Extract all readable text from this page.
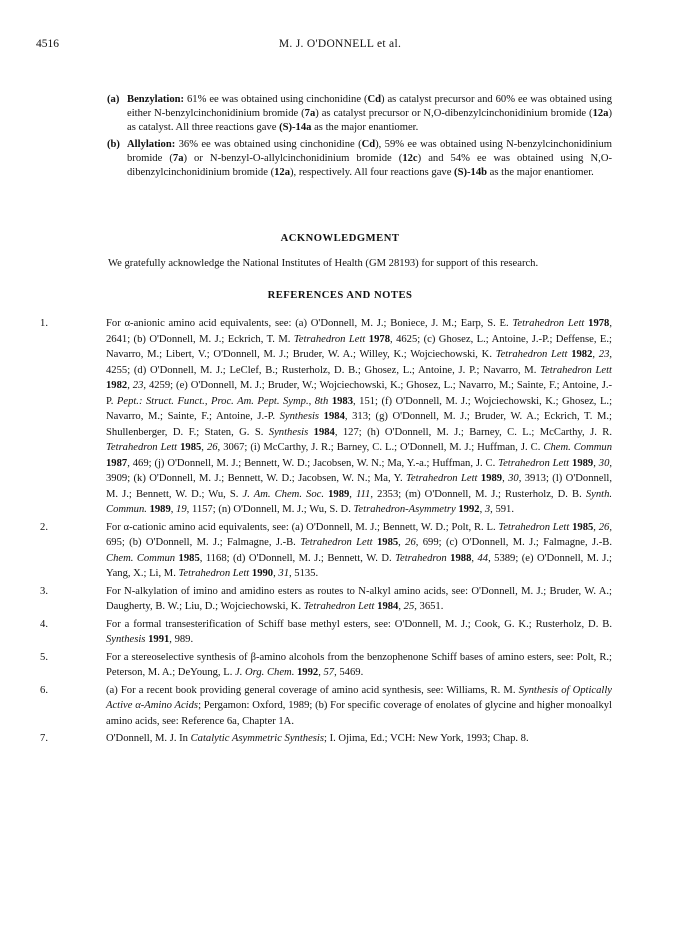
4516	M. J. O'DONNELL et al.
(a) Benzylation: 61% ee was obtained using cinchonidine (Cd) as catalyst precursor and 60% ee was obtained using either N-benzylcinchonidinium bromide (7a) as catalyst precursor or N,O-dibenzylcinchonidinium bromide (12a) as catalyst. All three reactions gave (S)-14a as the major enantiomer.
(b) Allylation: 36% ee was obtained using cinchonidine (Cd), 59% ee was obtained using N-benzylcinchonidinium bromide (7a) or N-benzyl-O-allylcinchonidinium bromide (12c) and 54% ee was obtained using N,O-dibenzylcinchonidinium bromide (12a), respectively. All four reactions gave (S)-14b as the major enantiomer.
ACKNOWLEDGMENT
We gratefully acknowledge the National Institutes of Health (GM 28193) for support of this research.
REFERENCES AND NOTES
1.	For α-anionic amino acid equivalents, see: (a) O'Donnell, M. J.; Boniece, J. M.; Earp, S. E. Tetrahedron Lett 1978, 2641; (b) O'Donnell, M. J.; Eckrich, T. M. Tetrahedron Lett 1978, 4625; (c) Ghosez, L.; Antoine, J.-P.; Deffense, E.; Navarro, M.; Libert, V.; O'Donnell, M. J.; Bruder, W. A.; Willey, K.; Wojciechowski, K. Tetrahedron Lett 1982, 23, 4255; (d) O'Donnell, M. J.; LeClef, B.; Rusterholz, D. B.; Ghosez, L.; Antoine, J. P.; Navarro, M. Tetrahedron Lett 1982, 23, 4259; (e) O'Donnell, M. J.; Bruder, W.; Wojciechowski, K.; Ghosez, L.; Navarro, M.; Sainte, F.; Antoine, J.-P. Pept.: Struct. Funct., Proc. Am. Pept. Symp., 8th 1983, 151; (f) O'Donnell, M. J.; Wojciechowski, K.; Ghosez, L.; Navarro, M.; Sainte, F.; Antoine, J.-P. Synthesis 1984, 313; (g) O'Donnell, M. J.; Bruder, W. A.; Eckrich, T. M.; Shullenberger, D. F.; Staten, G. S. Synthesis 1984, 127; (h) O'Donnell, M. J.; Barney, C. L.; McCarthy, J. R. Tetrahedron Lett 1985, 26, 3067; (i) McCarthy, J. R.; Barney, C. L.; O'Donnell, M. J.; Huffman, J. C. Chem. Commun 1987, 469; (j) O'Donnell, M. J.; Bennett, W. D.; Jacobsen, W. N.; Ma, Y.-a.; Huffman, J. C. Tetrahedron Lett 1989, 30, 3909; (k) O'Donnell, M. J.; Bennett, W. D.; Jacobsen, W. N.; Ma, Y. Tetrahedron Lett 1989, 30, 3913; (l) O'Donnell, M. J.; Bennett, W. D.; Wu, S. J. Am. Chem. Soc. 1989, 111, 2353; (m) O'Donnell, M. J.; Rusterholz, D. B. Synth. Commun. 1989, 19, 1157; (n) O'Donnell, M. J.; Wu, S. D. Tetrahedron-Asymmetry 1992, 3, 591.
2.	For α-cationic amino acid equivalents, see: (a) O'Donnell, M. J.; Bennett, W. D.; Polt, R. L. Tetrahedron Lett 1985, 26, 695; (b) O'Donnell, M. J.; Falmagne, J.-B. Tetrahedron Lett 1985, 26, 699; (c) O'Donnell, M. J.; Falmagne, J.-B. Chem. Commun 1985, 1168; (d) O'Donnell, M. J.; Bennett, W. D. Tetrahedron 1988, 44, 5389; (e) O'Donnell, M. J.; Yang, X.; Li, M. Tetrahedron Lett 1990, 31, 5135.
3.	For N-alkylation of imino and amidino esters as routes to N-alkyl amino acids, see: O'Donnell, M. J.; Bruder, W. A.; Daugherty, B. W.; Liu, D.; Wojciechowski, K. Tetrahedron Lett 1984, 25, 3651.
4.	For a formal transesterification of Schiff base methyl esters, see: O'Donnell, M. J.; Cook, G. K.; Rusterholz, D. B. Synthesis 1991, 989.
5.	For a stereoselective synthesis of β-amino alcohols from the benzophenone Schiff bases of amino esters, see: Polt, R.; Peterson, M. A.; DeYoung, L. J. Org. Chem. 1992, 57, 5469.
6.	(a) For a recent book providing general coverage of amino acid synthesis, see: Williams, R. M. Synthesis of Optically Active α-Amino Acids; Pergamon: Oxford, 1989; (b) For specific coverage of enolates of glycine and higher monoalkyl amino acids, see: Reference 6a, Chapter 1A.
7.	O'Donnell, M. J. In Catalytic Asymmetric Synthesis; I. Ojima, Ed.; VCH: New York, 1993; Chap. 8.
